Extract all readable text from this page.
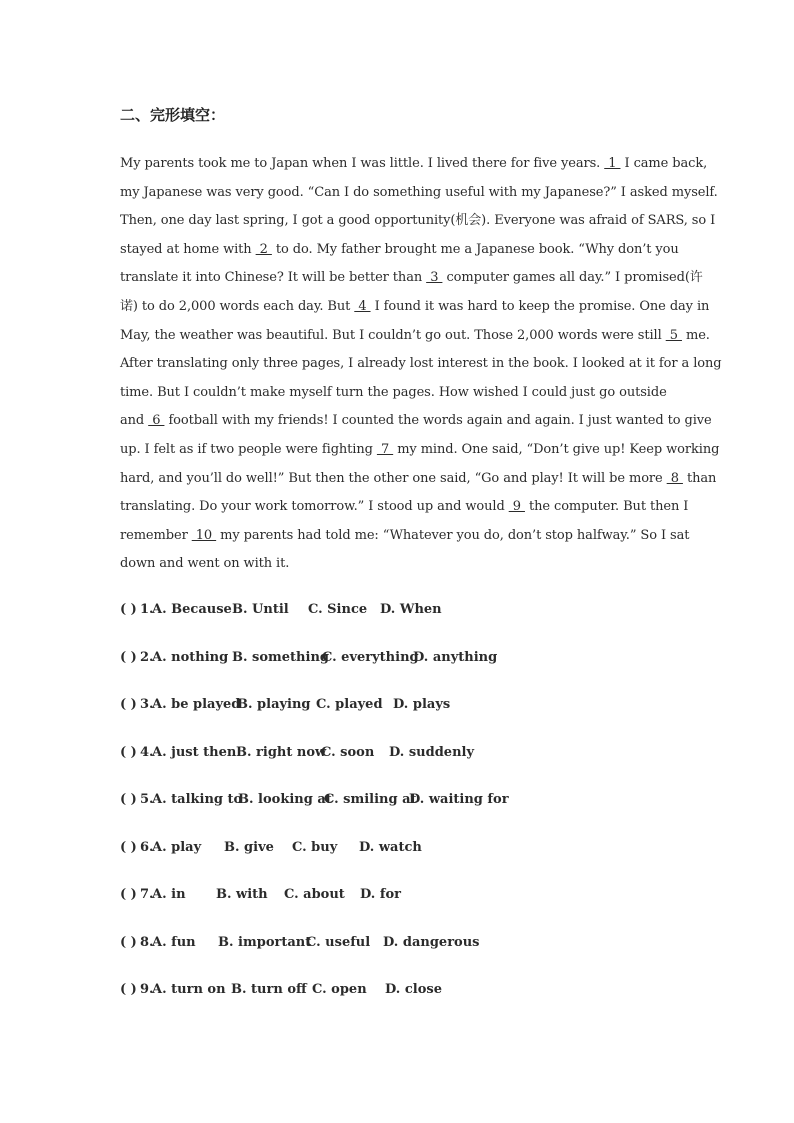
二、完形填空：
My parents took me to Japan when I was little. I lived there for five years.  1  I came back,
my Japanese was very good. “Can I do something useful with my Japanese?” I asked myself.
Then, one day last spring, I got a good opportunity(机会). Everyone was afraid of SARS, so I
stayed at home with  2  to do. My father brought me a Japanese book. “Why don’t you
translate it into Chinese? It will be better than  3  computer games all day.” I promised(许
诺) to do 2,000 words each day. But  4  I found it was hard to keep the promise. One day in
May, the weather was beautiful. But I couldn’t go out. Those 2,000 words were still  5  me.
After translating only three pages, I already lost interest in the book. I looked at it for a long
time. But I couldn’t make myself turn the pages. How wished I could just go outside
and  6  football with my friends! I counted the words again and again. I just wanted to give
up. I felt as if two people were fighting  7  my mind. One said, “Don’t give up! Keep working
hard, and you’ll do well!” But then the other one said, “Go and play! It will be more  8  than
translating. Do your work tomorrow.” I stood up and would  9  the computer. But then I
remember  10  my parents had told me: “Whatever you do, don’t stop halfway.” So I sat
down and went on with it.
( ) 1.
A. Because B. Until C. Since D. When
( ) 2.
A. nothing B. something
C. everything
D. anything
( ) 3.
A. be played
B. playing C. played D. plays
( ) 4.
A. just then B. right now
C. soon D. suddenly
( ) 5.
A. talking to
B. looking at
C. smiling at
D. waiting for
( ) 6.
A. play B. give C. buy D. watch
( ) 7.
A. in B. with C. about D. for
( ) 8.
A. fun B. important
C. useful D. dangerous
( ) 9.
A. turn on B. turn off C. open D. close
